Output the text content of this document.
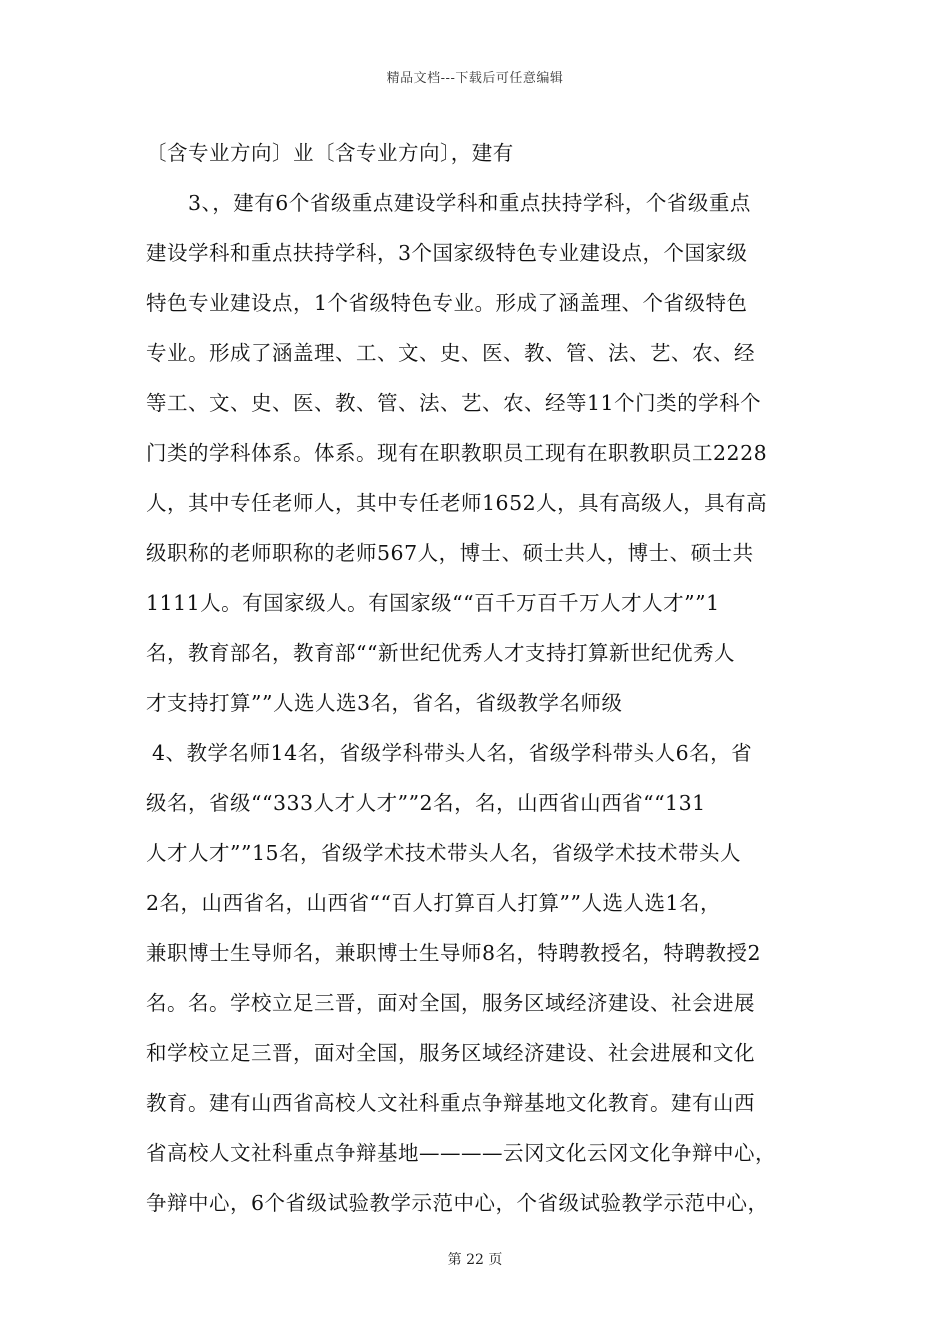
精品文档---下载后可任意编辑
〔含专业方向〕业〔含专业方向〕，建有
3、，建有6个省级重点建设学科和重点扶持学科，个省级重点
建设学科和重点扶持学科，3个国家级特色专业建设点，个国家级
特色专业建设点，1个省级特色专业。形成了涵盖理、个省级特色
专业。形成了涵盖理、工、文、史、医、教、管、法、艺、农、经
等工、文、史、医、教、管、法、艺、农、经等11个门类的学科个
门类的学科体系。体系。现有在职教职员工现有在职教职员工2228
人，其中专任老师人，其中专任老师1652人，具有高级人，具有高
级职称的老师职称的老师567人，博士、硕士共人，博士、硕士共
1111人。有国家级人。有国家级““百千万百千万人才人才””1
名，教育部名，教育部““新世纪优秀人才支持打算新世纪优秀人
才支持打算””人选人选3名，省名，省级教学名师级
4、教学名师14名，省级学科带头人名，省级学科带头人6名，省
级名，省级““333人才人才””2名，名，山西省山西省““131
人才人才””15名，省级学术技术带头人名，省级学术技术带头人
2名，山西省名，山西省““百人打算百人打算””人选人选1名，
兼职博士生导师名，兼职博士生导师8名，特聘教授名，特聘教授2
名。名。学校立足三晋，面对全国，服务区域经济建设、社会进展
和学校立足三晋，面对全国，服务区域经济建设、社会进展和文化
教育。建有山西省高校人文社科重点争辩基地文化教育。建有山西
省高校人文社科重点争辩基地————云冈文化云冈文化争辩中心，
争辩中心，6个省级试验教学示范中心，个省级试验教学示范中心，
第 22 页
